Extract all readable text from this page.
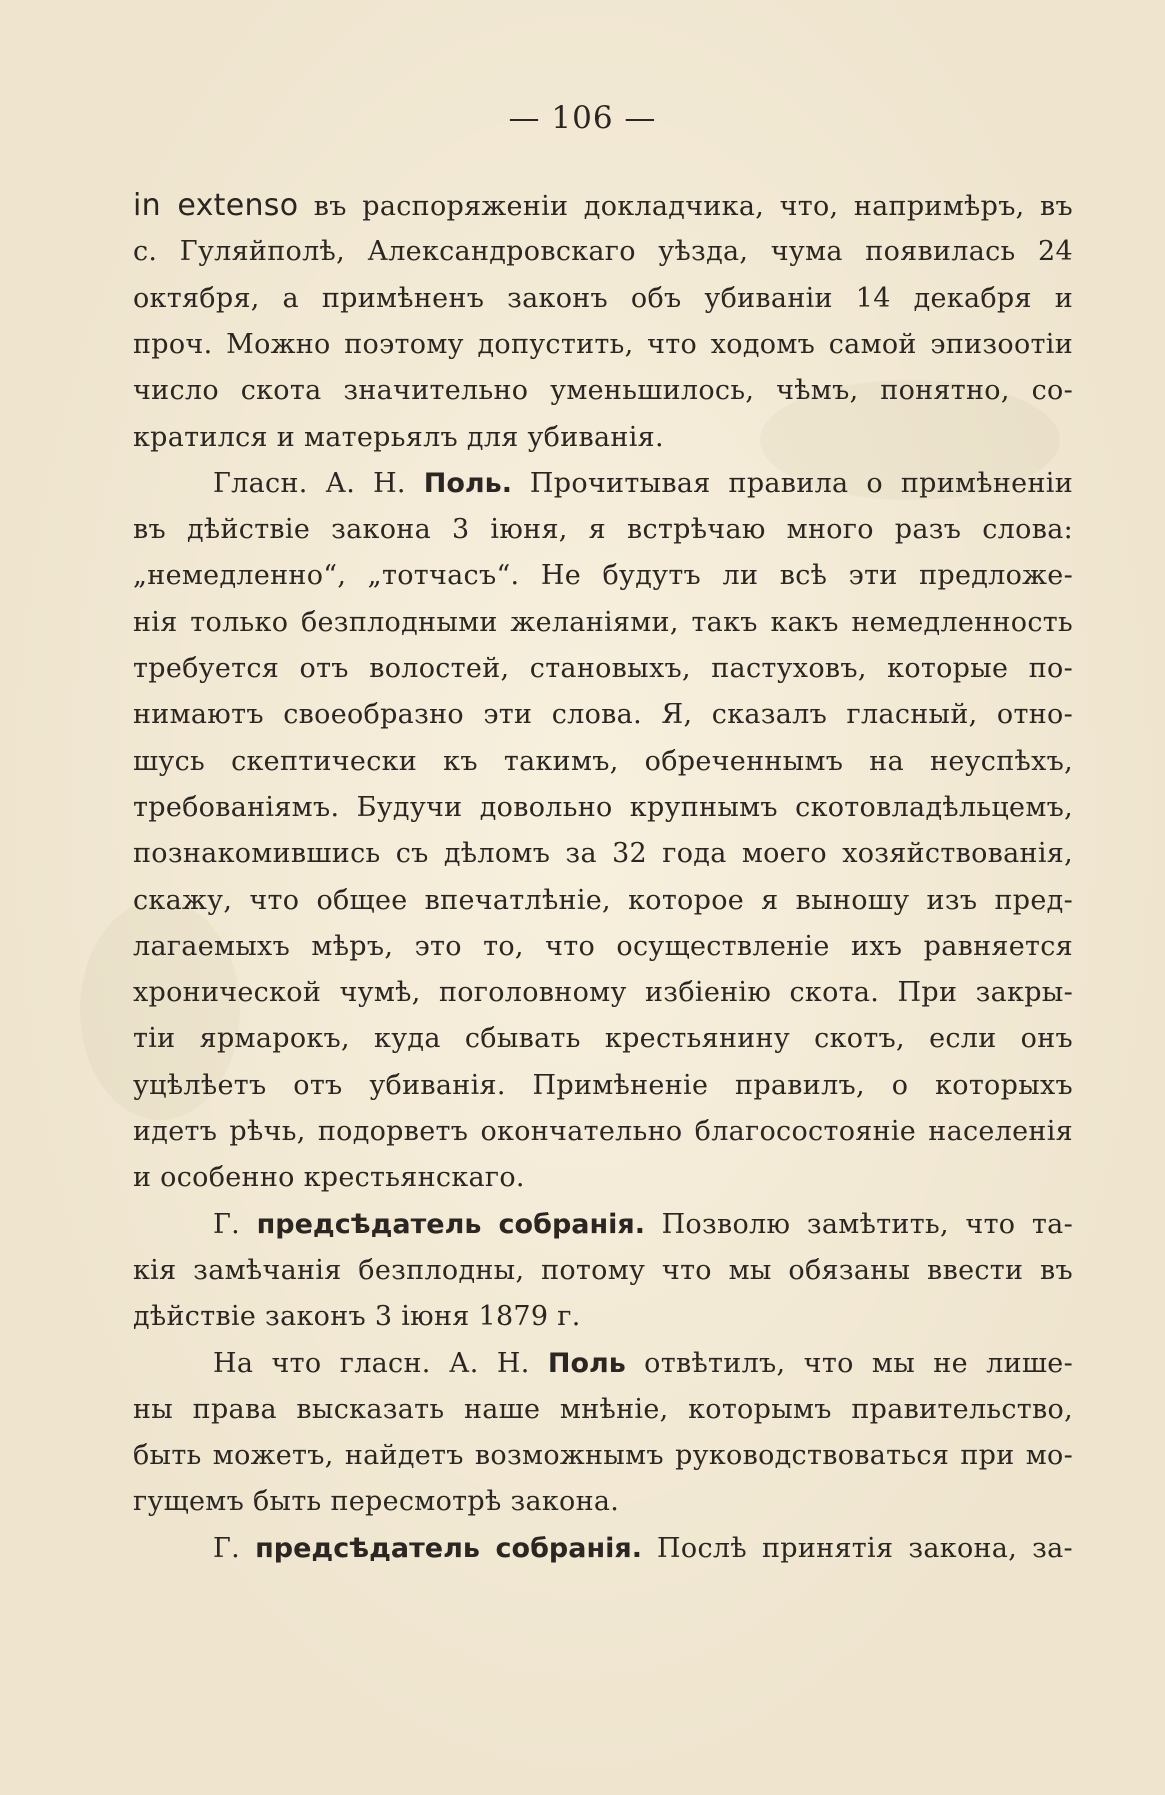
— 106 —
in extenso въ распоряженіи докладчика, что, напримѣръ, въ
с. Гуляйполѣ, Александровскаго уѣзда, чума появилась 24
октября, а примѣненъ законъ объ убиваніи 14 декабря и
проч. Можно поэтому допустить, что ходомъ самой эпизоотіи
число скота значительно уменьшилось, чѣмъ, понятно, со-
кратился и матерьялъ для убиванія.
Гласн. А. Н. Поль. Прочитывая правила о примѣненіи
въ дѣйствіе закона 3 іюня, я встрѣчаю много разъ слова:
„немедленно“, „тотчасъ“. Не будутъ ли всѣ эти предложе-
нія только безплодными желаніями, такъ какъ немедленность
требуется отъ волостей, становыхъ, пастуховъ, которые по-
нимаютъ своеобразно эти слова. Я, сказалъ гласный, отно-
шусь скептически къ такимъ, обреченнымъ на неуспѣхъ,
требованіямъ. Будучи довольно крупнымъ скотовладѣльцемъ,
познакомившись съ дѣломъ за 32 года моего хозяйствованія,
скажу, что общее впечатлѣніе, которое я выношу изъ пред-
лагаемыхъ мѣръ, это то, что осуществленіе ихъ равняется
хронической чумѣ, поголовному избіенію скота. При закры-
тіи ярмарокъ, куда сбывать крестьянину скотъ, если онъ
уцѣлѣетъ отъ убиванія. Примѣненіе правилъ, о которыхъ
идетъ рѣчь, подорветъ окончательно благосостояніе населенія
и особенно крестьянскаго.
Г. предсѣдатель собранія. Позволю замѣтить, что та-
кія замѣчанія безплодны, потому что мы обязаны ввести въ
дѣйствіе законъ 3 іюня 1879 г.
На что гласн. А. Н. Поль отвѣтилъ, что мы не лише-
ны права высказать наше мнѣніе, которымъ правительство,
быть можетъ, найдетъ возможнымъ руководствоваться при мо-
гущемъ быть пересмотрѣ закона.
Г. предсѣдатель собранія. Послѣ принятія закона, за-
